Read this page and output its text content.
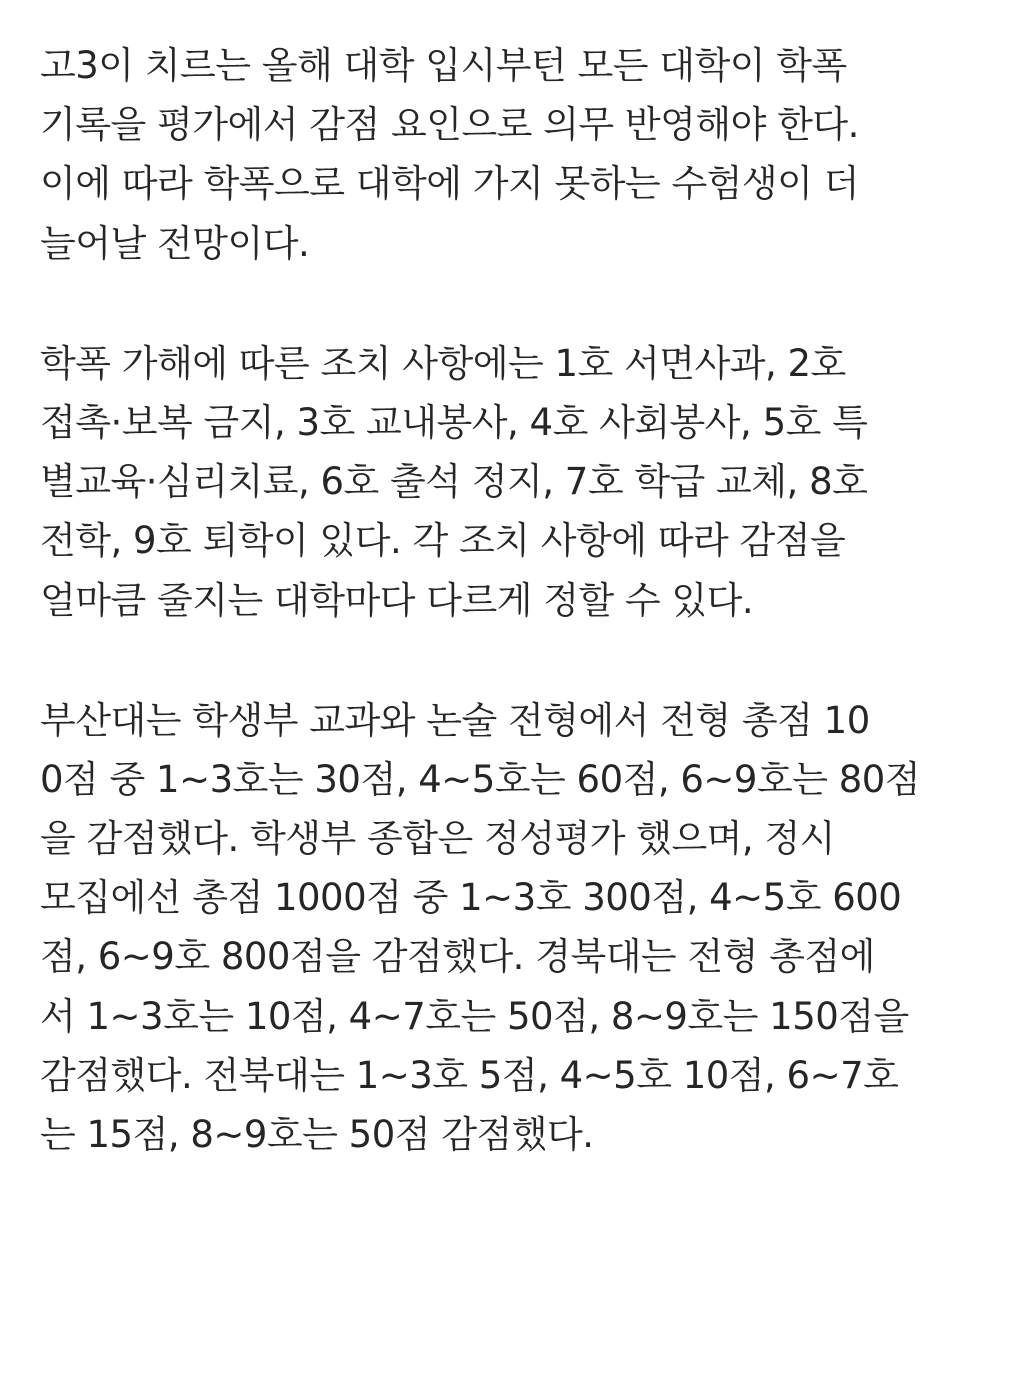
고3이 치르는 올해 대학 입시부턴 모든 대학이 학폭
기록을 평가에서 감점 요인으로 의무 반영해야 한다.
이에 따라 학폭으로 대학에 가지 못하는 수험생이 더
늘어날 전망이다.
학폭 가해에 따른 조치 사항에는 1호 서면사과, 2호
접촉·보복 금지, 3호 교내봉사, 4호 사회봉사, 5호 특
별교육·심리치료, 6호 출석 정지, 7호 학급 교체, 8호
전학, 9호 퇴학이 있다. 각 조치 사항에 따라 감점을
얼마큼 줄지는 대학마다 다르게 정할 수 있다.
부산대는 학생부 교과와 논술 전형에서 전형 총점 10
0점 중 1~3호는 30점, 4~5호는 60점, 6~9호는 80점
을 감점했다. 학생부 종합은 정성평가 했으며, 정시
모집에선 총점 1000점 중 1~3호 300점, 4~5호 600
점, 6~9호 800점을 감점했다. 경북대는 전형 총점에
서 1~3호는 10점, 4~7호는 50점, 8~9호는 150점을
감점했다. 전북대는 1~3호 5점, 4~5호 10점, 6~7호
는 15점, 8~9호는 50점 감점했다.
